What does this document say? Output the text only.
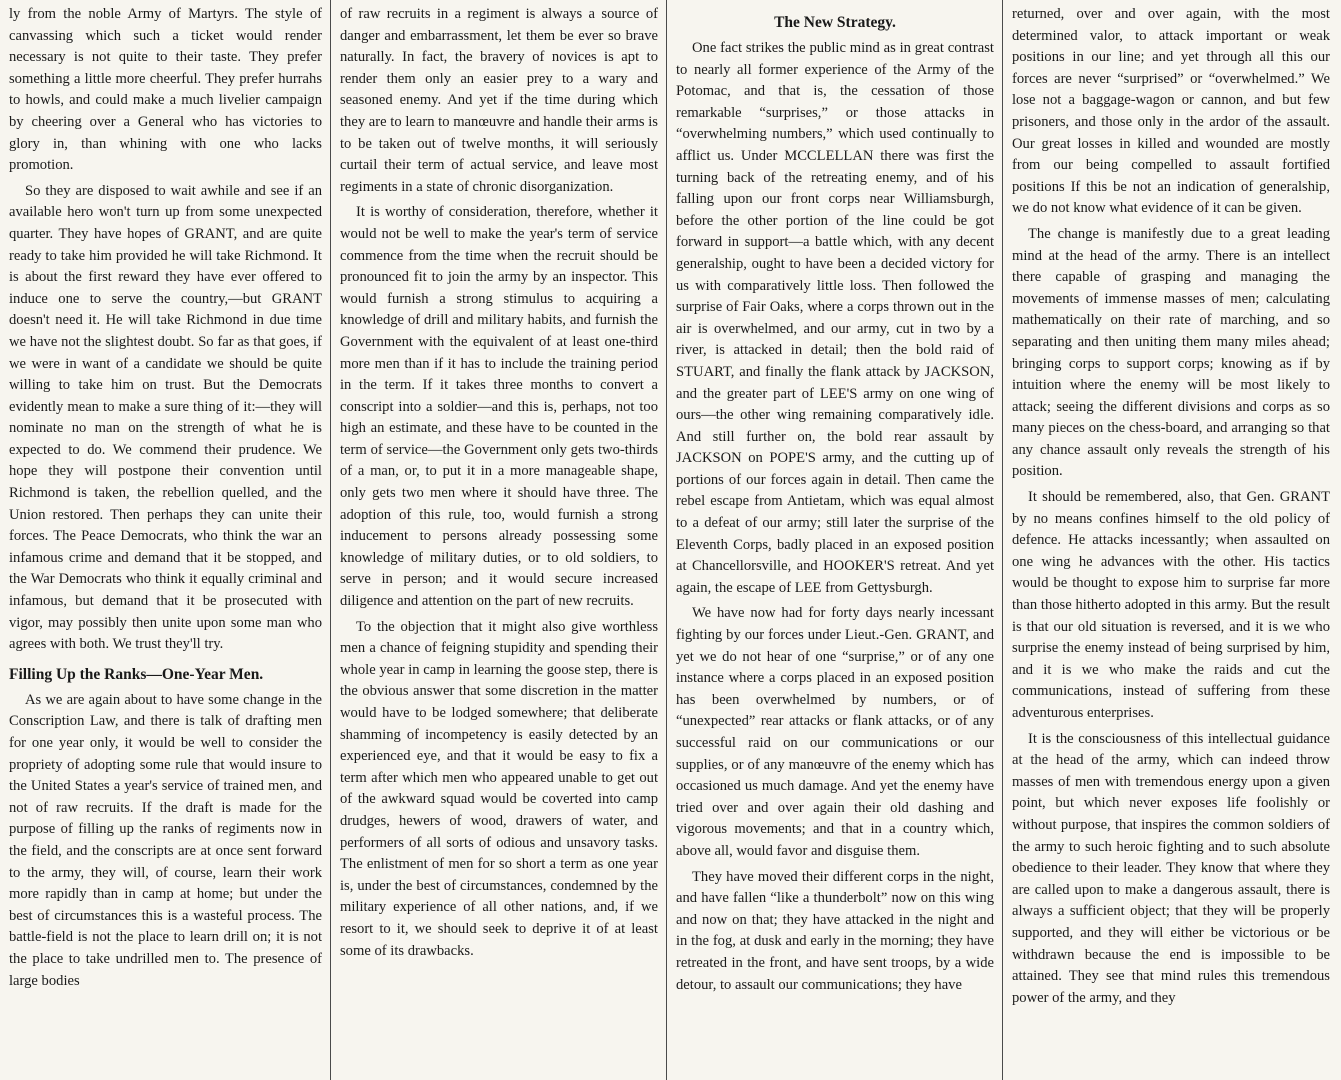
ly from the noble Army of Martyrs. The style of canvassing which such a ticket would render necessary is not quite to their taste. They prefer something a little more cheerful. They prefer hurrahs to howls, and could make a much livelier campaign by cheering over a General who has victories to glory in, than whining with one who lacks promotion.

So they are disposed to wait awhile and see if an available hero won't turn up from some unexpected quarter. They have hopes of GRANT, and are quite ready to take him provided he will take Richmond. It is about the first reward they have ever offered to induce one to serve the country,—but GRANT doesn't need it. He will take Richmond in due time we have not the slightest doubt. So far as that goes, if we were in want of a candidate we should be quite willing to take him on trust. But the Democrats evidently mean to make a sure thing of it:—they will nominate no man on the strength of what he is expected to do. We commend their prudence. We hope they will postpone their convention until Richmond is taken, the rebellion quelled, and the Union restored. Then perhaps they can unite their forces. The Peace Democrats, who think the war an infamous crime and demand that it be stopped, and the War Democrats who think it equally criminal and infamous, but demand that it be prosecuted with vigor, may possibly then unite upon some man who agrees with both. We trust they'll try.

Filling Up the Ranks—One-Year Men.

As we are again about to have some change in the Conscription Law, and there is talk of drafting men for one year only, it would be well to consider the propriety of adopting some rule that would insure to the United States a year's service of trained men, and not of raw recruits. If the draft is made for the purpose of filling up the ranks of regiments now in the field, and the conscripts are at once sent forward to the army, they will, of course, learn their work more rapidly than in camp at home; but under the best of circumstances this is a wasteful process. The battle-field is not the place to learn drill on; it is not the place to take undrilled men to. The presence of large bodies

of raw recruits in a regiment is always a source of danger and embarrassment, let them be ever so brave naturally. In fact, the bravery of novices is apt to render them only an easier prey to a wary and seasoned enemy. And yet if the time during which they are to learn to manœuvre and handle their arms is to be taken out of twelve months, it will seriously curtail their term of actual service, and leave most regiments in a state of chronic disorganization.

It is worthy of consideration, therefore, whether it would not be well to make the year's term of service commence from the time when the recruit should be pronounced fit to join the army by an inspector. This would furnish a strong stimulus to acquiring a knowledge of drill and military habits, and furnish the Government with the equivalent of at least one-third more men than if it has to include the training period in the term. If it takes three months to convert a conscript into a soldier—and this is, perhaps, not too high an estimate, and these have to be counted in the term of service—the Government only gets two-thirds of a man, or, to put it in a more manageable shape, only gets two men where it should have three. The adoption of this rule, too, would furnish a strong inducement to persons already possessing some knowledge of military duties, or to old soldiers, to serve in person; and it would secure increased diligence and attention on the part of new recruits.

To the objection that it might also give worthless men a chance of feigning stupidity and spending their whole year in camp in learning the goose step, there is the obvious answer that some discretion in the matter would have to be lodged somewhere; that deliberate shamming of incompetency is easily detected by an experienced eye, and that it would be easy to fix a term after which men who appeared unable to get out of the awkward squad would be coverted into camp drudges, hewers of wood, drawers of water, and performers of all sorts of odious and unsavory tasks. The enlistment of men for so short a term as one year is, under the best of circumstances, condemned by the military experience of all other nations, and, if we resort to it, we should seek to deprive it of at least some of its drawbacks.

The New Strategy.

One fact strikes the public mind as in great contrast to nearly all former experience of the Army of the Potomac, and that is, the cessation of those remarkable “surprises,” or those attacks in “overwhelming numbers,” which used continually to afflict us. Under MCCLELLAN there was first the turning back of the retreating enemy, and of his falling upon our front corps near Williamsburgh, before the other portion of the line could be got forward in support—a battle which, with any decent generalship, ought to have been a decided victory for us with comparatively little loss. Then followed the surprise of Fair Oaks, where a corps thrown out in the air is overwhelmed, and our army, cut in two by a river, is attacked in detail; then the bold raid of STUART, and finally the flank attack by JACKSON, and the greater part of LEE'S army on one wing of ours—the other wing remaining comparatively idle. And still further on, the bold rear assault by JACKSON on POPE'S army, and the cutting up of portions of our forces again in detail. Then came the rebel escape from Antietam, which was equal almost to a defeat of our army; still later the surprise of the Eleventh Corps, badly placed in an exposed position at Chancellorsville, and HOOKER'S retreat. And yet again, the escape of LEE from Gettysburgh.

We have now had for forty days nearly incessant fighting by our forces under Lieut.-Gen. GRANT, and yet we do not hear of one “surprise,” or of any one instance where a corps placed in an exposed position has been overwhelmed by numbers, or of “unexpected” rear attacks or flank attacks, or of any successful raid on our communications or our supplies, or of any manœuvre of the enemy which has occasioned us much damage. And yet the enemy have tried over and over again their old dashing and vigorous movements; and that in a country which, above all, would favor and disguise them.

They have moved their different corps in the night, and have fallen “like a thunderbolt” now on this wing and now on that; they have attacked in the night and in the fog, at dusk and early in the morning; they have retreated in the front, and have sent troops, by a wide detour, to assault our communications; they have

returned, over and over again, with the most determined valor, to attack important or weak positions in our line; and yet through all this our forces are never “surprised” or “overwhelmed.” We lose not a baggage-wagon or cannon, and but few prisoners, and those only in the ardor of the assault. Our great losses in killed and wounded are mostly from our being compelled to assault fortified positions If this be not an indication of generalship, we do not know what evidence of it can be given.

The change is manifestly due to a great leading mind at the head of the army. There is an intellect there capable of grasping and managing the movements of immense masses of men; calculating mathematically on their rate of marching, and so separating and then uniting them many miles ahead; bringing corps to support corps; knowing as if by intuition where the enemy will be most likely to attack; seeing the different divisions and corps as so many pieces on the chess-board, and arranging so that any chance assault only reveals the strength of his position.

It should be remembered, also, that Gen. GRANT by no means confines himself to the old policy of defence. He attacks incessantly; when assaulted on one wing he advances with the other. His tactics would be thought to expose him to surprise far more than those hitherto adopted in this army. But the result is that our old situation is reversed, and it is we who surprise the enemy instead of being surprised by him, and it is we who make the raids and cut the communications, instead of suffering from these adventurous enterprises.

It is the consciousness of this intellectual guidance at the head of the army, which can indeed throw masses of men with tremendous energy upon a given point, but which never exposes life foolishly or without purpose, that inspires the common soldiers of the army to such heroic fighting and to such absolute obedience to their leader. They know that where they are called upon to make a dangerous assault, there is always a sufficient object; that they will be properly supported, and they will either be victorious or be withdrawn because the end is impossible to be attained. They see that mind rules this tremendous power of the army, and they
